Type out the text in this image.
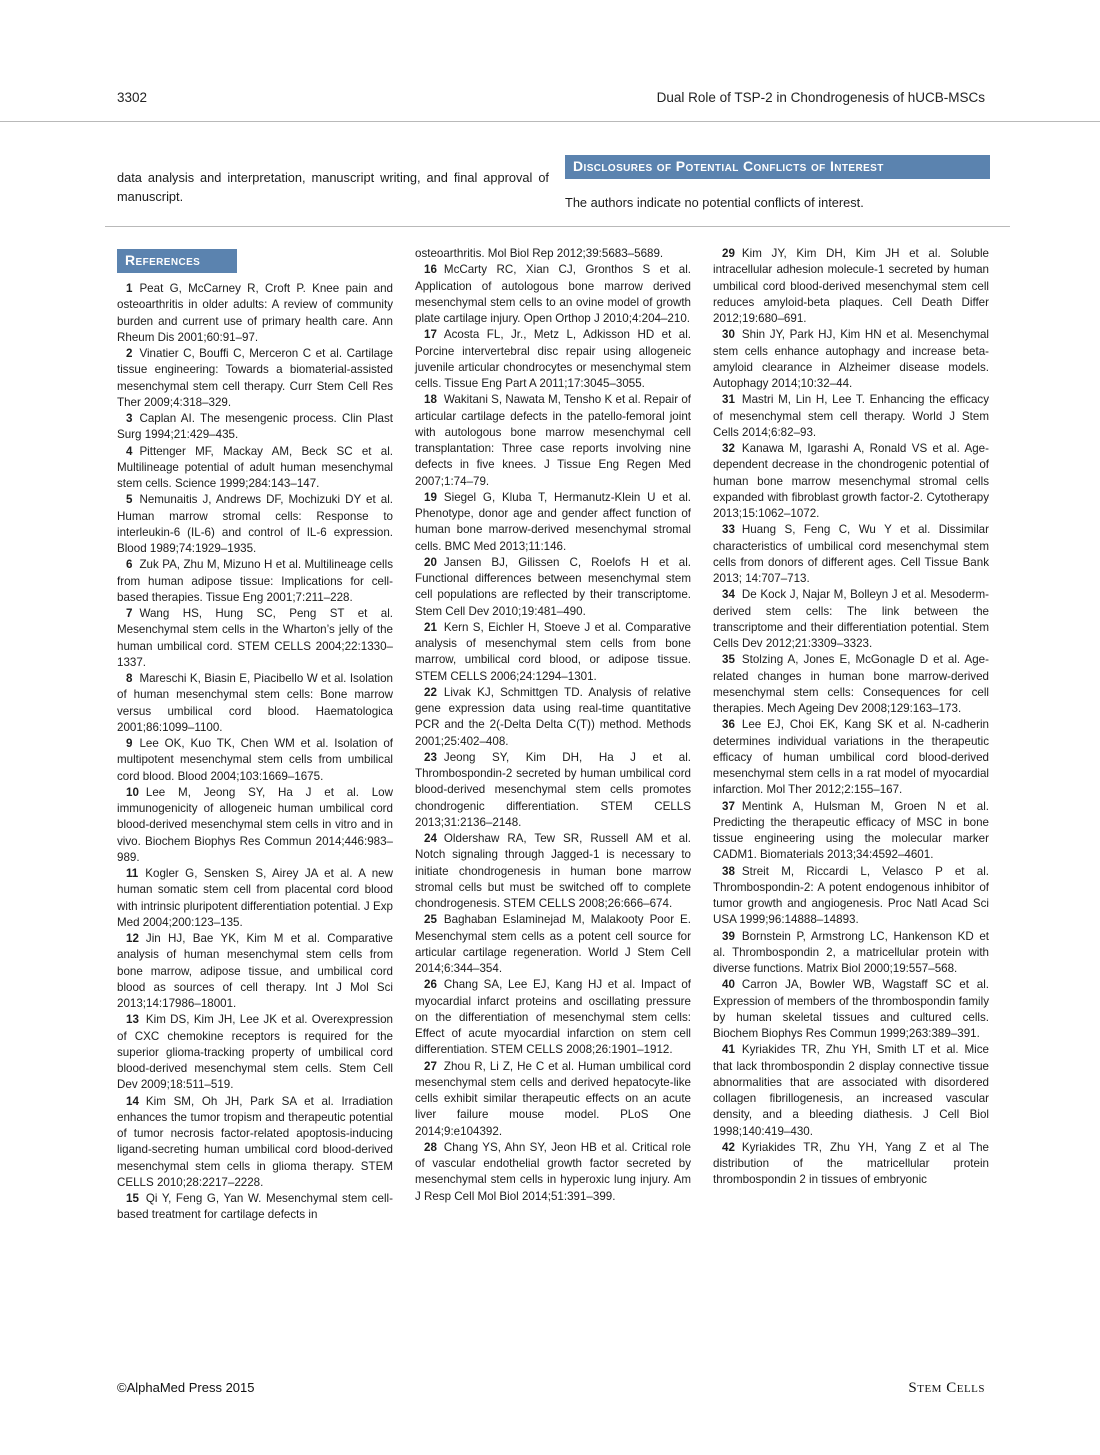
3302	Dual Role of TSP-2 in Chondrogenesis of hUCB-MSCs

data analysis and interpretation, manuscript writing, and final approval of manuscript.

Disclosures of Potential Conflicts of Interest
The authors indicate no potential conflicts of interest.
References

1 Peat G, McCarney R, Croft P. Knee pain and osteoarthritis in older adults: A review of community burden and current use of primary health care. Ann Rheum Dis 2001;60:91–97.

2 Vinatier C, Bouffi C, Merceron C et al. Cartilage tissue engineering: Towards a biomaterial-assisted mesenchymal stem cell therapy. Curr Stem Cell Res Ther 2009;4:318–329.

3 Caplan AI. The mesengenic process. Clin Plast Surg 1994;21:429–435.

4 Pittenger MF, Mackay AM, Beck SC et al. Multilineage potential of adult human mesenchymal stem cells. Science 1999;284:143–147.

5 Nemunaitis J, Andrews DF, Mochizuki DY et al. Human marrow stromal cells: Response to interleukin-6 (IL-6) and control of IL-6 expression. Blood 1989;74:1929–1935.

6 Zuk PA, Zhu M, Mizuno H et al. Multilineage cells from human adipose tissue: Implications for cell-based therapies. Tissue Eng 2001;7:211–228.

7 Wang HS, Hung SC, Peng ST et al. Mesenchymal stem cells in the Wharton’s jelly of the human umbilical cord. STEM CELLS 2004;22:1330–1337.

8 Mareschi K, Biasin E, Piacibello W et al. Isolation of human mesenchymal stem cells: Bone marrow versus umbilical cord blood. Haematologica 2001;86:1099–1100.

9 Lee OK, Kuo TK, Chen WM et al. Isolation of multipotent mesenchymal stem cells from umbilical cord blood. Blood 2004;103:1669–1675.

10 Lee M, Jeong SY, Ha J et al. Low immunogenicity of allogeneic human umbilical cord blood-derived mesenchymal stem cells in vitro and in vivo. Biochem Biophys Res Commun 2014;446:983–989.

11 Kogler G, Sensken S, Airey JA et al. A new human somatic stem cell from placental cord blood with intrinsic pluripotent differentiation potential. J Exp Med 2004;200:123–135.

12 Jin HJ, Bae YK, Kim M et al. Comparative analysis of human mesenchymal stem cells from bone marrow, adipose tissue, and umbilical cord blood as sources of cell therapy. Int J Mol Sci 2013;14:17986–18001.

13 Kim DS, Kim JH, Lee JK et al. Overexpression of CXC chemokine receptors is required for the superior glioma-tracking property of umbilical cord blood-derived mesenchymal stem cells. Stem Cell Dev 2009;18:511–519.

14 Kim SM, Oh JH, Park SA et al. Irradiation enhances the tumor tropism and therapeutic potential of tumor necrosis factor-related apoptosis-inducing ligand-secreting human umbilical cord blood-derived mesenchymal stem cells in glioma therapy. STEM CELLS 2010;28:2217–2228.

15 Qi Y, Feng G, Yan W. Mesenchymal stem cell-based treatment for cartilage defects in

osteoarthritis. Mol Biol Rep 2012;39:5683–5689.

16 McCarty RC, Xian CJ, Gronthos S et al. Application of autologous bone marrow derived mesenchymal stem cells to an ovine model of growth plate cartilage injury. Open Orthop J 2010;4:204–210.

17 Acosta FL, Jr., Metz L, Adkisson HD et al. Porcine intervertebral disc repair using allogeneic juvenile articular chondrocytes or mesenchymal stem cells. Tissue Eng Part A 2011;17:3045–3055.

18 Wakitani S, Nawata M, Tensho K et al. Repair of articular cartilage defects in the patello-femoral joint with autologous bone marrow mesenchymal cell transplantation: Three case reports involving nine defects in five knees. J Tissue Eng Regen Med 2007;1:74–79.

19 Siegel G, Kluba T, Hermanutz-Klein U et al. Phenotype, donor age and gender affect function of human bone marrow-derived mesenchymal stromal cells. BMC Med 2013;11:146.

20 Jansen BJ, Gilissen C, Roelofs H et al. Functional differences between mesenchymal stem cell populations are reflected by their transcriptome. Stem Cell Dev 2010;19:481–490.

21 Kern S, Eichler H, Stoeve J et al. Comparative analysis of mesenchymal stem cells from bone marrow, umbilical cord blood, or adipose tissue. STEM CELLS 2006;24:1294–1301.

22 Livak KJ, Schmittgen TD. Analysis of relative gene expression data using real-time quantitative PCR and the 2(-Delta Delta C(T)) method. Methods 2001;25:402–408.

23 Jeong SY, Kim DH, Ha J et al. Thrombospondin-2 secreted by human umbilical cord blood-derived mesenchymal stem cells promotes chondrogenic differentiation. STEM CELLS 2013;31:2136–2148.

24 Oldershaw RA, Tew SR, Russell AM et al. Notch signaling through Jagged-1 is necessary to initiate chondrogenesis in human bone marrow stromal cells but must be switched off to complete chondrogenesis. STEM CELLS 2008;26:666–674.

25 Baghaban Eslaminejad M, Malakooty Poor E. Mesenchymal stem cells as a potent cell source for articular cartilage regeneration. World J Stem Cell 2014;6:344–354.

26 Chang SA, Lee EJ, Kang HJ et al. Impact of myocardial infarct proteins and oscillating pressure on the differentiation of mesenchymal stem cells: Effect of acute myocardial infarction on stem cell differentiation. STEM CELLS 2008;26:1901–1912.

27 Zhou R, Li Z, He C et al. Human umbilical cord mesenchymal stem cells and derived hepatocyte-like cells exhibit similar therapeutic effects on an acute liver failure mouse model. PLoS One 2014;9:e104392.

28 Chang YS, Ahn SY, Jeon HB et al. Critical role of vascular endothelial growth factor secreted by mesenchymal stem cells in hyperoxic lung injury. Am J Resp Cell Mol Biol 2014;51:391–399.

29 Kim JY, Kim DH, Kim JH et al. Soluble intracellular adhesion molecule-1 secreted by human umbilical cord blood-derived mesenchymal stem cell reduces amyloid-beta plaques. Cell Death Differ 2012;19:680–691.

30 Shin JY, Park HJ, Kim HN et al. Mesenchymal stem cells enhance autophagy and increase beta-amyloid clearance in Alzheimer disease models. Autophagy 2014;10:32–44.

31 Mastri M, Lin H, Lee T. Enhancing the efficacy of mesenchymal stem cell therapy. World J Stem Cells 2014;6:82–93.

32 Kanawa M, Igarashi A, Ronald VS et al. Age-dependent decrease in the chondrogenic potential of human bone marrow mesenchymal stromal cells expanded with fibroblast growth factor-2. Cytotherapy 2013;15:1062–1072.

33 Huang S, Feng C, Wu Y et al. Dissimilar characteristics of umbilical cord mesenchymal stem cells from donors of different ages. Cell Tissue Bank 2013; 14:707–713.

34 De Kock J, Najar M, Bolleyn J et al. Mesoderm-derived stem cells: The link between the transcriptome and their differentiation potential. Stem Cells Dev 2012;21:3309–3323.

35 Stolzing A, Jones E, McGonagle D et al. Age-related changes in human bone marrow-derived mesenchymal stem cells: Consequences for cell therapies. Mech Ageing Dev 2008;129:163–173.

36 Lee EJ, Choi EK, Kang SK et al. N-cadherin determines individual variations in the therapeutic efficacy of human umbilical cord blood-derived mesenchymal stem cells in a rat model of myocardial infarction. Mol Ther 2012;2:155–167.

37 Mentink A, Hulsman M, Groen N et al. Predicting the therapeutic efficacy of MSC in bone tissue engineering using the molecular marker CADM1. Biomaterials 2013;34:4592–4601.

38 Streit M, Riccardi L, Velasco P et al. Thrombospondin-2: A potent endogenous inhibitor of tumor growth and angiogenesis. Proc Natl Acad Sci USA 1999;96:14888–14893.

39 Bornstein P, Armstrong LC, Hankenson KD et al. Thrombospondin 2, a matricellular protein with diverse functions. Matrix Biol 2000;19:557–568.

40 Carron JA, Bowler WB, Wagstaff SC et al. Expression of members of the thrombospondin family by human skeletal tissues and cultured cells. Biochem Biophys Res Commun 1999;263:389–391.

41 Kyriakides TR, Zhu YH, Smith LT et al. Mice that lack thrombospondin 2 display connective tissue abnormalities that are associated with disordered collagen fibrillogenesis, an increased vascular density, and a bleeding diathesis. J Cell Biol 1998;140:419–430.

42 Kyriakides TR, Zhu YH, Yang Z et al The distribution of the matricellular protein thrombospondin 2 in tissues of embryonic

©AlphaMed Press 2015	Stem Cells
